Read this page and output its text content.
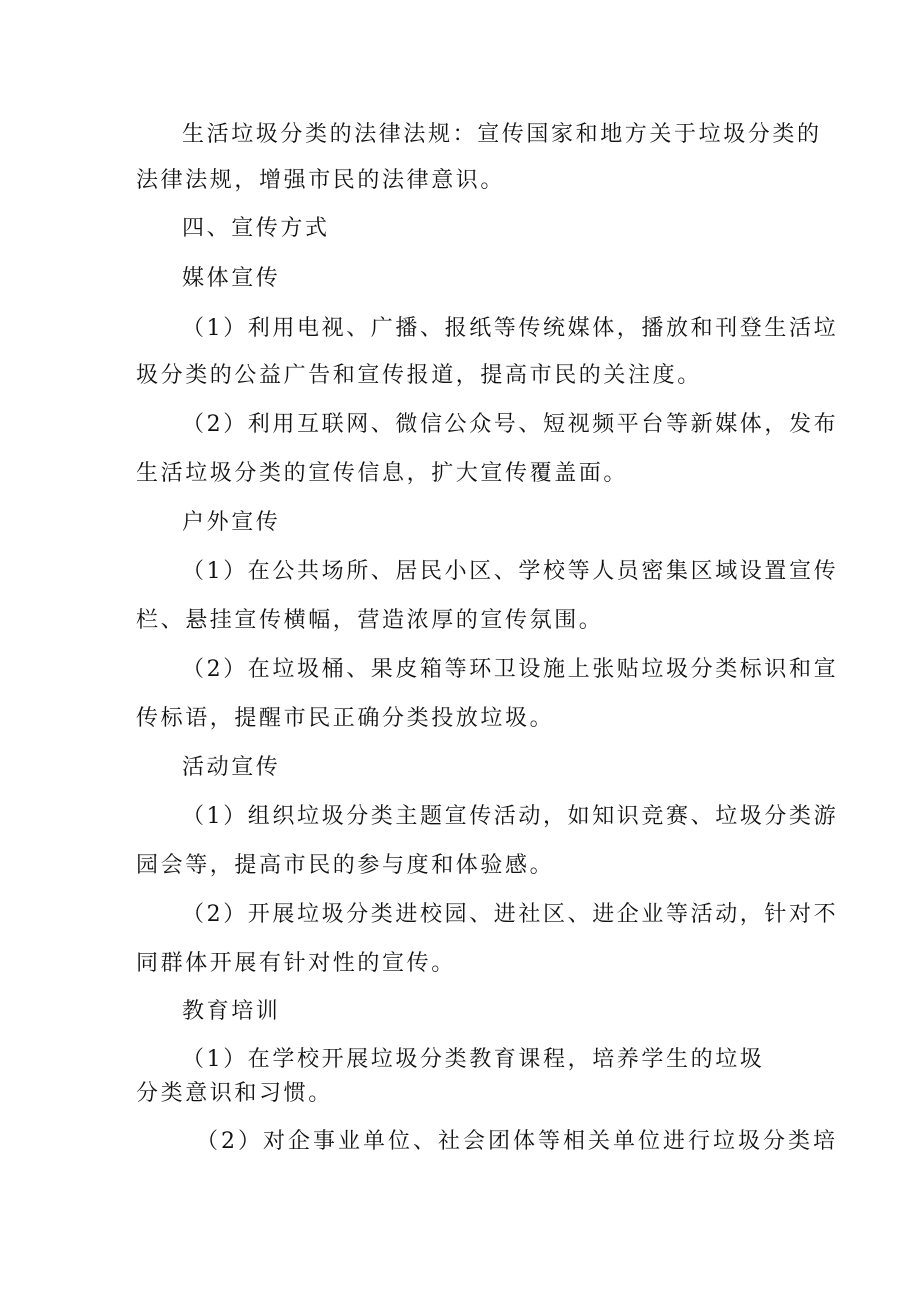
生活垃圾分类的法律法规：宣传国家和地方关于垃圾分类的
法律法规，增强市民的法律意识。
四、宣传方式
媒体宣传
（1）利用电视、广播、报纸等传统媒体，播放和刊登生活垃
圾分类的公益广告和宣传报道，提高市民的关注度。
（2）利用互联网、微信公众号、短视频平台等新媒体，发布
生活垃圾分类的宣传信息，扩大宣传覆盖面。
户外宣传
（1）在公共场所、居民小区、学校等人员密集区域设置宣传
栏、悬挂宣传横幅，营造浓厚的宣传氛围。
（2）在垃圾桶、果皮箱等环卫设施上张贴垃圾分类标识和宣
传标语，提醒市民正确分类投放垃圾。
活动宣传
（1）组织垃圾分类主题宣传活动，如知识竞赛、垃圾分类游
园会等，提高市民的参与度和体验感。
（2）开展垃圾分类进校园、进社区、进企业等活动，针对不
同群体开展有针对性的宣传。
教育培训
（1）在学校开展垃圾分类教育课程，培养学生的垃圾
分类意识和习惯。
（2）对企事业单位、社会团体等相关单位进行垃圾分类培
